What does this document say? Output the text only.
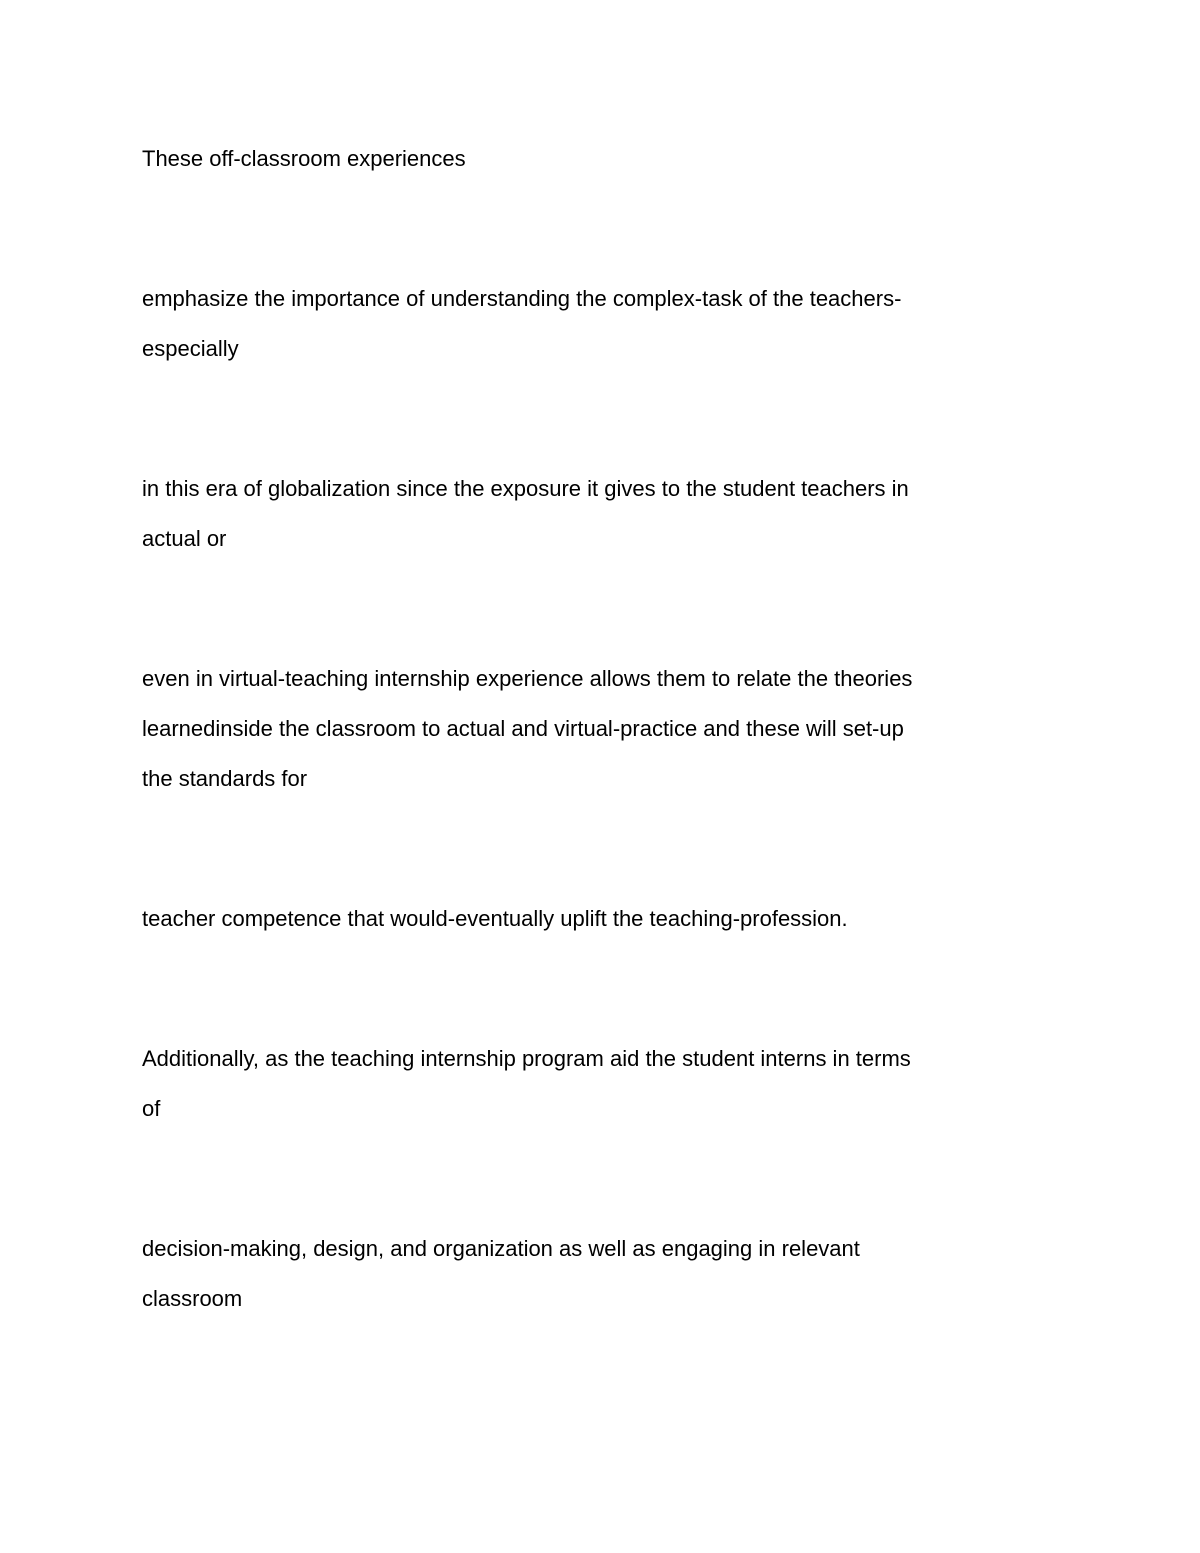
These off-classroom experiences

emphasize the importance of understanding the complex-task of the teachers-
especially

in this era of globalization since the exposure it gives to the student teachers in
actual or

even in virtual-teaching internship experience allows them to relate the theories
learnedinside the classroom to actual and virtual-practice and these will set-up
the standards for

teacher competence that would-eventually uplift the teaching-profession.

Additionally, as the teaching internship program aid the student interns in terms
of

decision-making, design, and organization as well as engaging in relevant
classroom
